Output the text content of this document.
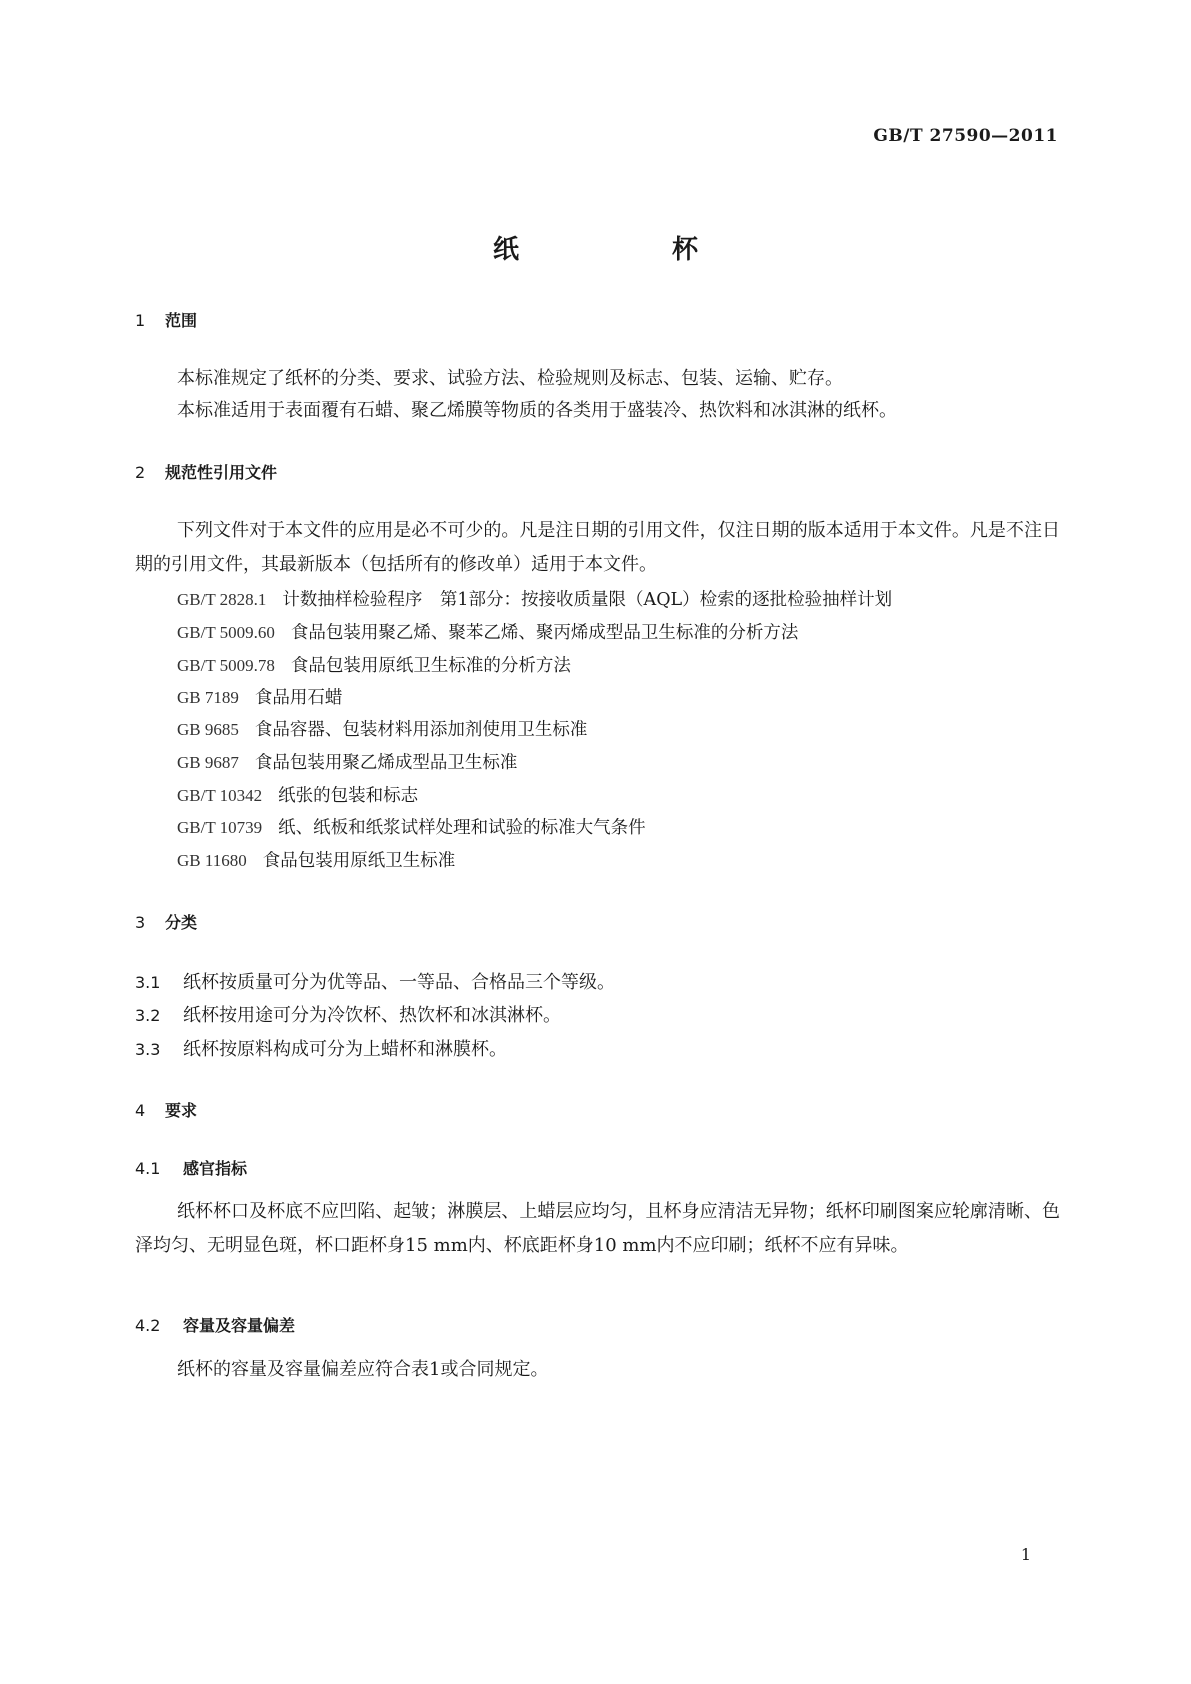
GB/T 27590—2011
纸 杯
1 范围
本标准规定了纸杯的分类、要求、试验方法、检验规则及标志、包装、运输、贮存。
本标准适用于表面覆有石蜡、聚乙烯膜等物质的各类用于盛装冷、热饮料和冰淇淋的纸杯。
2 规范性引用文件
下列文件对于本文件的应用是必不可少的。凡是注日期的引用文件，仅注日期的版本适用于本文件。凡是不注日期的引用文件，其最新版本（包括所有的修改单）适用于本文件。
GB/T 2828.1 计数抽样检验程序　第1部分：按接收质量限（AQL）检索的逐批检验抽样计划
GB/T 5009.60 食品包装用聚乙烯、聚苯乙烯、聚丙烯成型品卫生标准的分析方法
GB/T 5009.78 食品包装用原纸卫生标准的分析方法
GB 7189 食品用石蜡
GB 9685 食品容器、包装材料用添加剂使用卫生标准
GB 9687 食品包装用聚乙烯成型品卫生标准
GB/T 10342 纸张的包装和标志
GB/T 10739 纸、纸板和纸浆试样处理和试验的标准大气条件
GB 11680 食品包装用原纸卫生标准
3 分类
3.1 纸杯按质量可分为优等品、一等品、合格品三个等级。
3.2 纸杯按用途可分为冷饮杯、热饮杯和冰淇淋杯。
3.3 纸杯按原料构成可分为上蜡杯和淋膜杯。
4 要求
4.1 感官指标
纸杯杯口及杯底不应凹陷、起皱；淋膜层、上蜡层应均匀，且杯身应清洁无异物；纸杯印刷图案应轮廓清晰、色泽均匀、无明显色斑，杯口距杯身15 mm内、杯底距杯身10 mm内不应印刷；纸杯不应有异味。
4.2 容量及容量偏差
纸杯的容量及容量偏差应符合表1或合同规定。
1
